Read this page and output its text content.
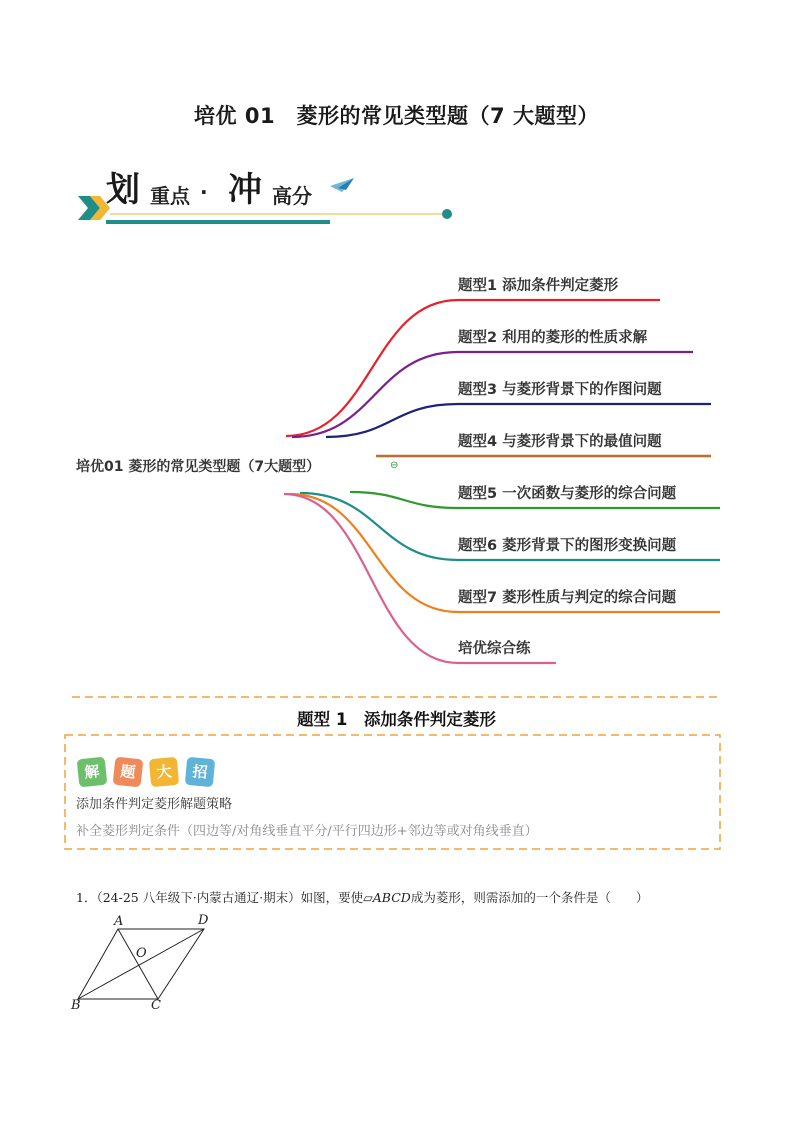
培优 01　菱形的常见类型题（7 大题型）
划 重点 · 冲 高分
培优01 菱形的常见类型题（7大题型）	⊖
题型1 添加条件判定菱形
题型2 利用的菱形的性质求解
题型3 与菱形背景下的作图问题
题型4 与菱形背景下的最值问题
题型5 一次函数与菱形的综合问题
题型6 菱形背景下的图形变换问题
题型7 菱形性质与判定的综合问题
培优综合练
题型 1　添加条件判定菱形
解	题	大	招
添加条件判定菱形解题策略
补全菱形判定条件（四边等/对角线垂直平分/平行四边形+邻边等或对角线垂直）
1．（24-25 八年级下·内蒙古通辽·期末）如图，要使▱ABCD成为菱形，则需添加的一个条件是（　　）
A	D
O
B	C
